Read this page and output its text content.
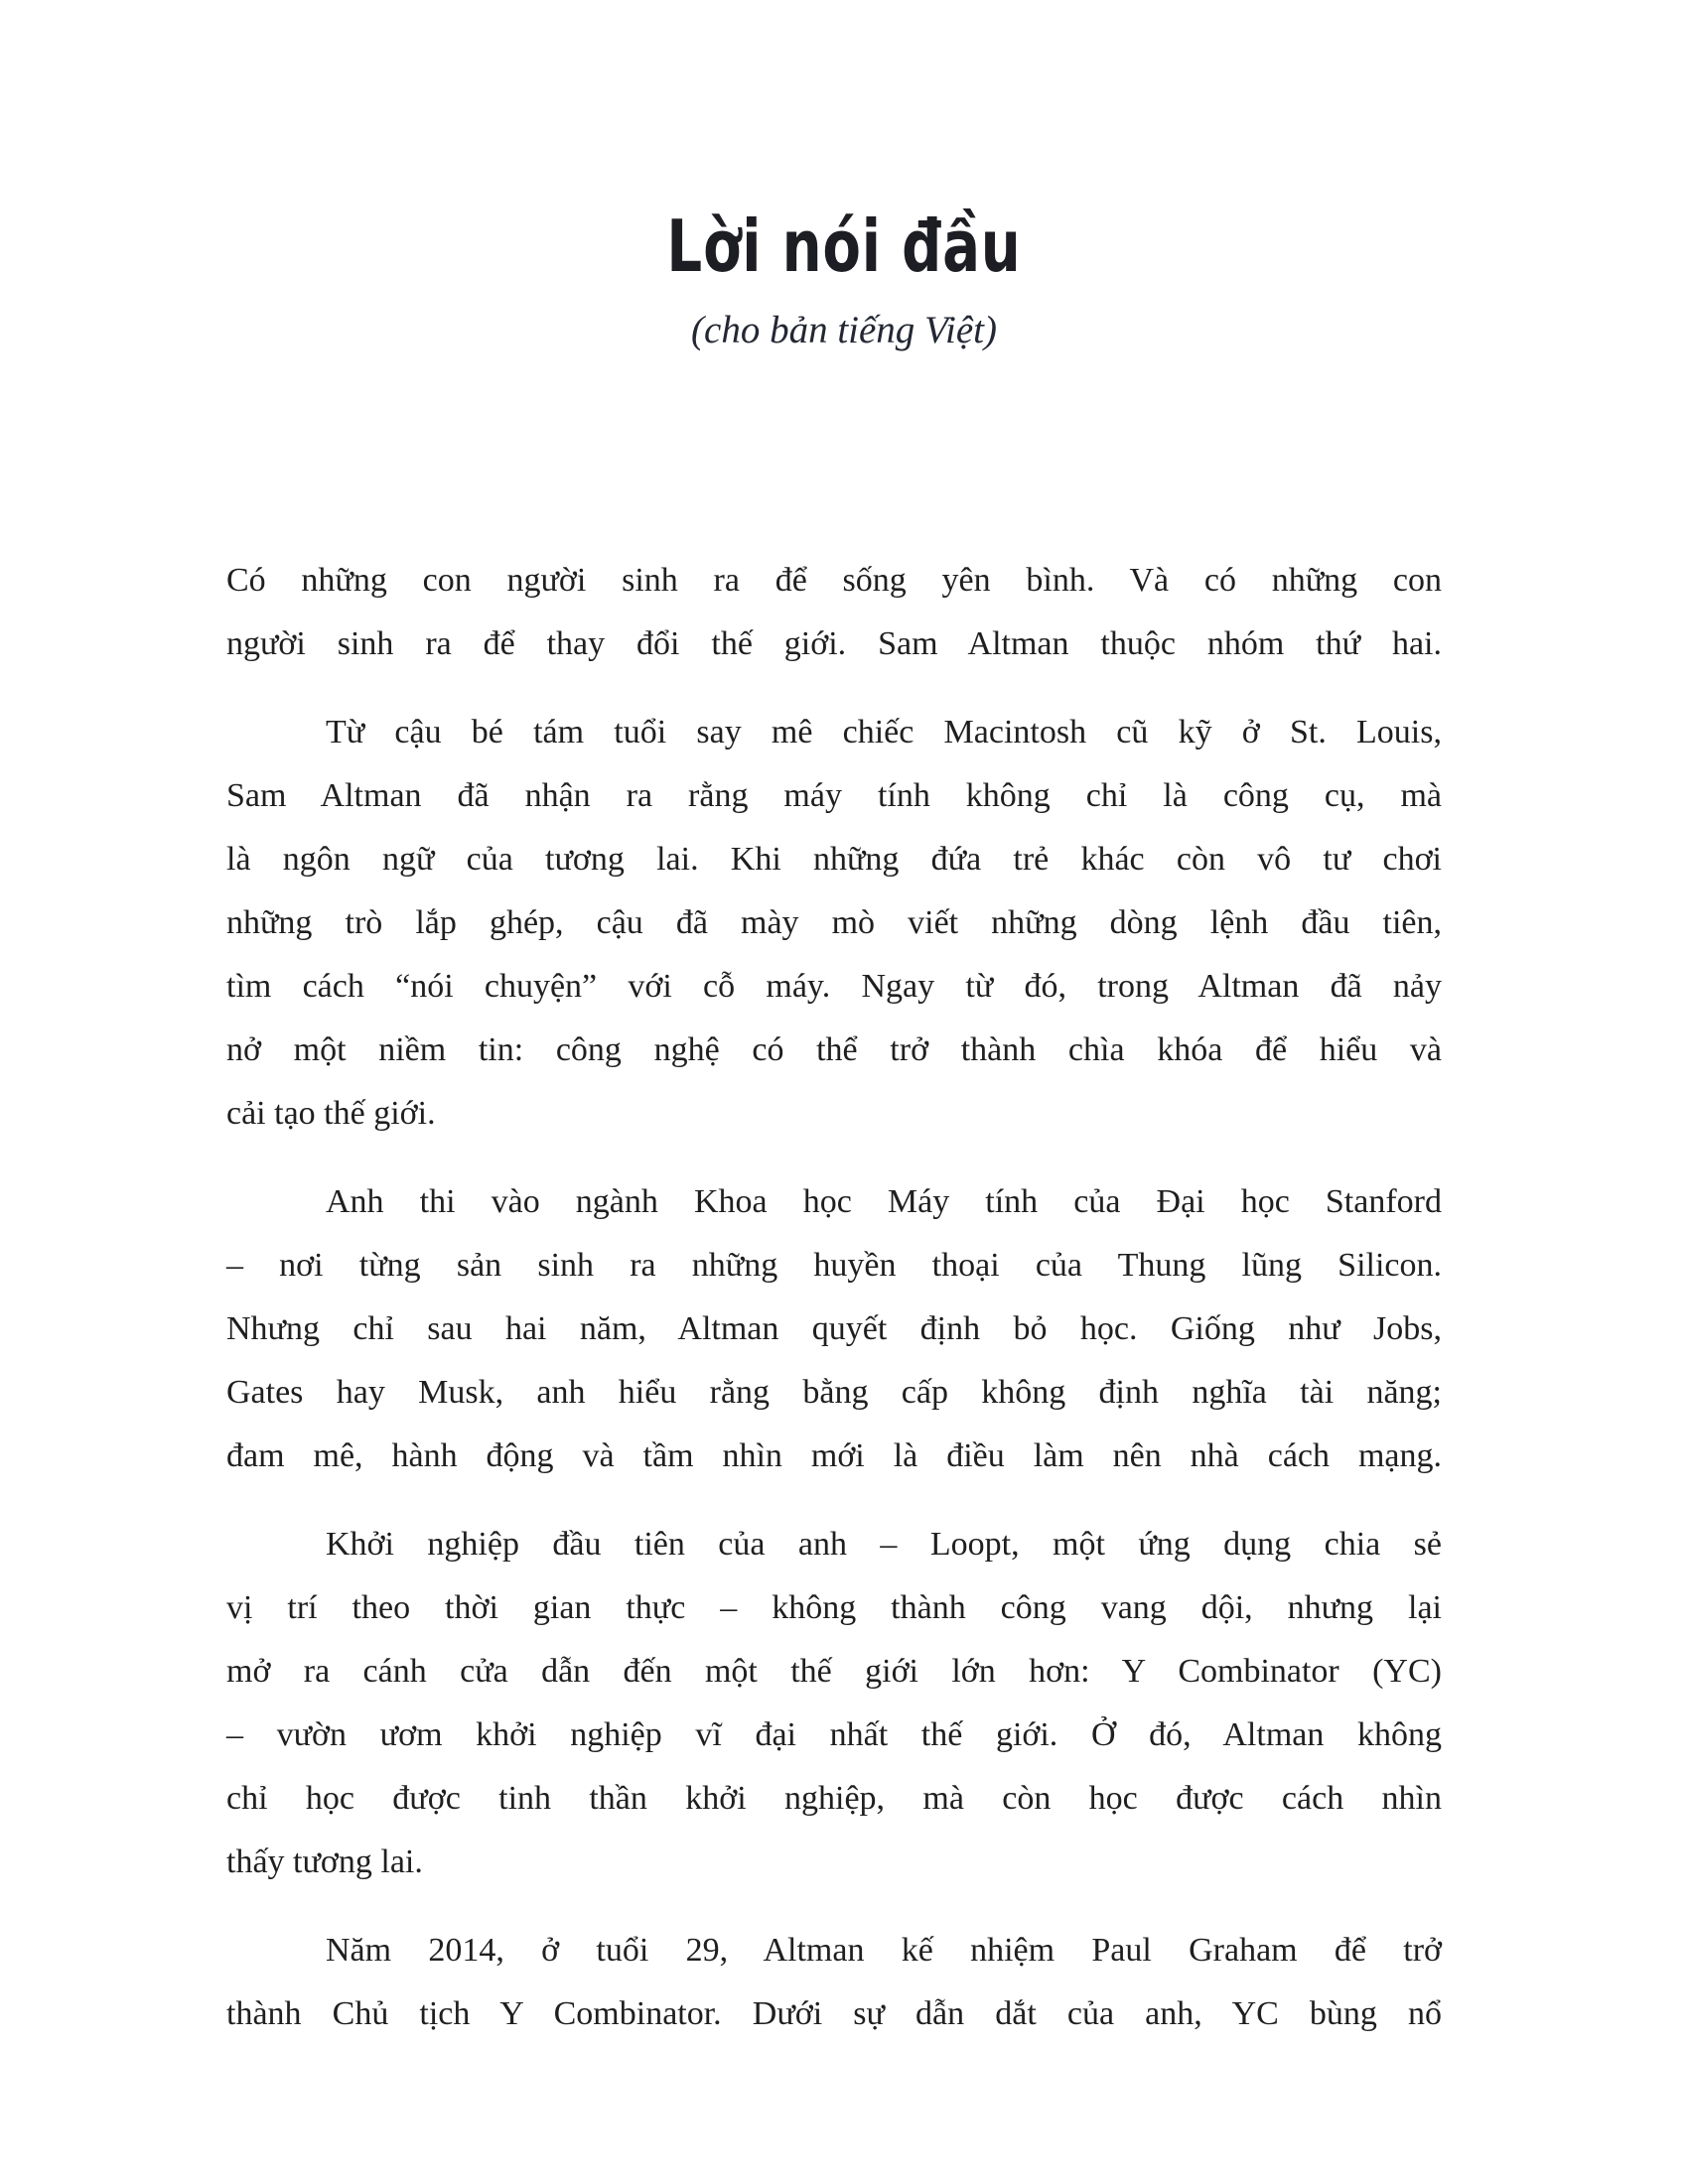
Lời nói đầu
(cho bản tiếng Việt)
Có những con người sinh ra để sống yên bình. Và có những con
người sinh ra để thay đổi thế giới. Sam Altman thuộc nhóm thứ hai.
Từ cậu bé tám tuổi say mê chiếc Macintosh cũ kỹ ở St. Louis,
Sam Altman đã nhận ra rằng máy tính không chỉ là công cụ, mà
là ngôn ngữ của tương lai. Khi những đứa trẻ khác còn vô tư chơi
những trò lắp ghép, cậu đã mày mò viết những dòng lệnh đầu tiên,
tìm cách “nói chuyện” với cỗ máy. Ngay từ đó, trong Altman đã nảy
nở một niềm tin: công nghệ có thể trở thành chìa khóa để hiểu và
cải tạo thế giới.
Anh thi vào ngành Khoa học Máy tính của Đại học Stanford
– nơi từng sản sinh ra những huyền thoại của Thung lũng Silicon.
Nhưng chỉ sau hai năm, Altman quyết định bỏ học. Giống như Jobs,
Gates hay Musk, anh hiểu rằng bằng cấp không định nghĩa tài năng;
đam mê, hành động và tầm nhìn mới là điều làm nên nhà cách mạng.
Khởi nghiệp đầu tiên của anh – Loopt, một ứng dụng chia sẻ
vị trí theo thời gian thực – không thành công vang dội, nhưng lại
mở ra cánh cửa dẫn đến một thế giới lớn hơn: Y Combinator (YC)
– vườn ươm khởi nghiệp vĩ đại nhất thế giới. Ở đó, Altman không
chỉ học được tinh thần khởi nghiệp, mà còn học được cách nhìn
thấy tương lai.
Năm 2014, ở tuổi 29, Altman kế nhiệm Paul Graham để trở
thành Chủ tịch Y Combinator. Dưới sự dẫn dắt của anh, YC bùng nổ
